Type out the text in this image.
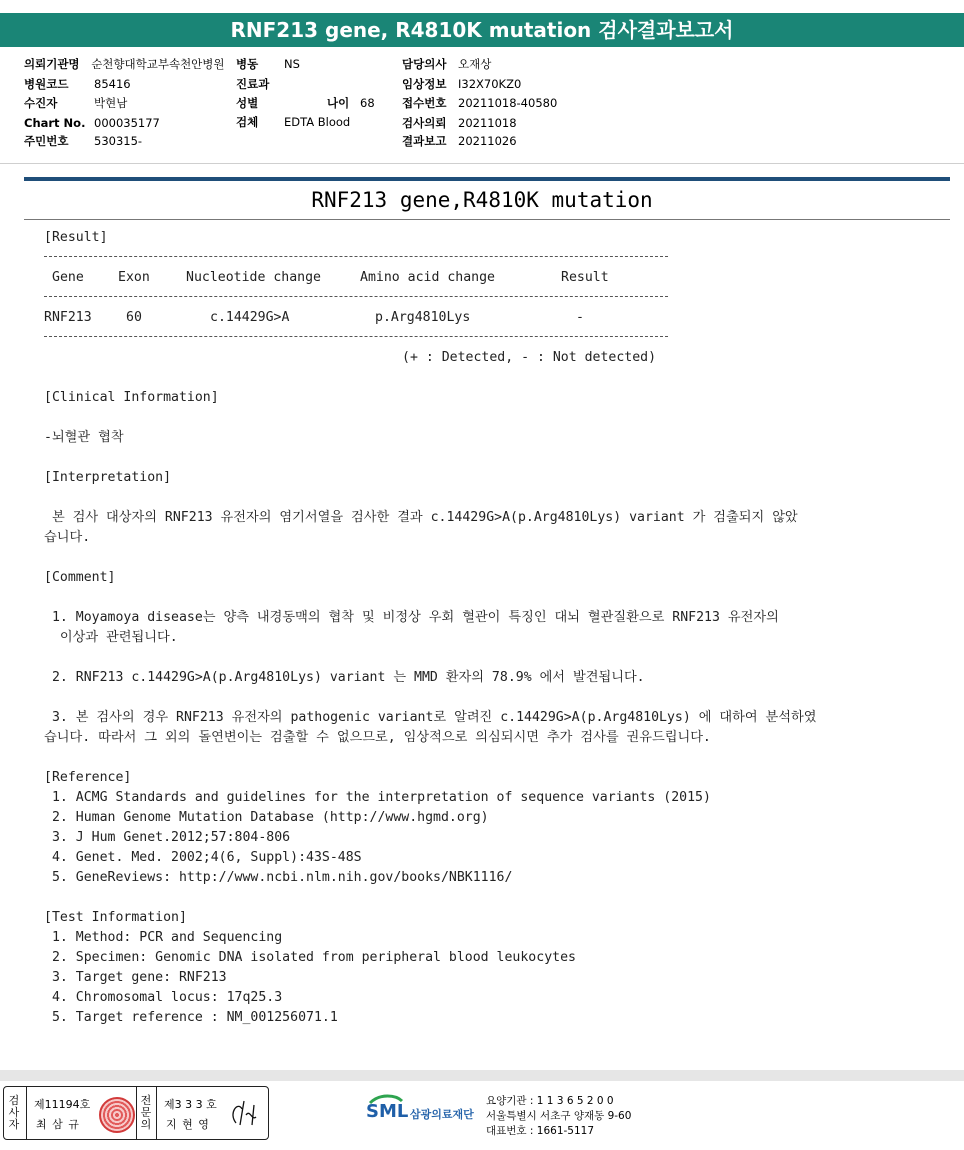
RNF213 gene, R4810K mutation 검사결과보고서
의뢰기관명 순천향대학교부속천안병원
병원코드 85416
수진자	박현남
Chart No. 000035177
주민번호 530315-
병동 NS
진료과
성별	나이 68
검체 EDTA Blood
담당의사 오재상
임상정보 I32X70KZ0
접수번호 20211018-40580
검사의뢰 20211018
결과보고 20211026
RNF213 gene,R4810K mutation
[Result]
Gene	Exon	Nucleotide change	Amino acid change	Result
RNF213	60	c.14429G>A	p.Arg4810Lys	-
(+ : Detected, - : Not detected)
[Clinical Information]
-뇌혈관 협착
[Interpretation]
본 검사 대상자의 RNF213 유전자의 염기서열을 검사한 결과 c.14429G>A(p.Arg4810Lys) variant 가 검출되지 않았
습니다.
[Comment]
1. Moyamoya disease는 양측 내경동맥의 협착 및 비정상 우회 혈관이 특징인 대뇌 혈관질환으로 RNF213 유전자의
이상과 관련됩니다.
2. RNF213 c.14429G>A(p.Arg4810Lys) variant 는 MMD 환자의 78.9% 에서 발견됩니다.
3. 본 검사의 경우 RNF213 유전자의 pathogenic variant로 알려진 c.14429G>A(p.Arg4810Lys) 에 대하여 분석하였
습니다. 따라서 그 외의 돌연변이는 검출할 수 없으므로, 임상적으로 의심되시면 추가 검사를 권유드립니다.
[Reference]
1. ACMG Standards and guidelines for the interpretation of sequence variants (2015)
2. Human Genome Mutation Database (http://www.hgmd.org)
3. J Hum Genet.2012;57:804-806
4. Genet. Med. 2002;4(6, Suppl):43S-48S
5. GeneReviews: http://www.ncbi.nlm.nih.gov/books/NBK1116/
[Test Information]
1. Method: PCR and Sequencing
2. Specimen: Genomic DNA isolated from peripheral blood leukocytes
3. Target gene: RNF213
4. Chromosomal locus: 17q25.3
5. Target reference : NM_001256071.1
검사자
제11194호
최 삼 규
전문의
제3 3 3 호
지 현 영
SML 삼광의료재단
요양기관 : 1 1 3 6 5 2 0 0
서울특별시 서초구 양재동 9-60
대표번호 : 1661-5117
